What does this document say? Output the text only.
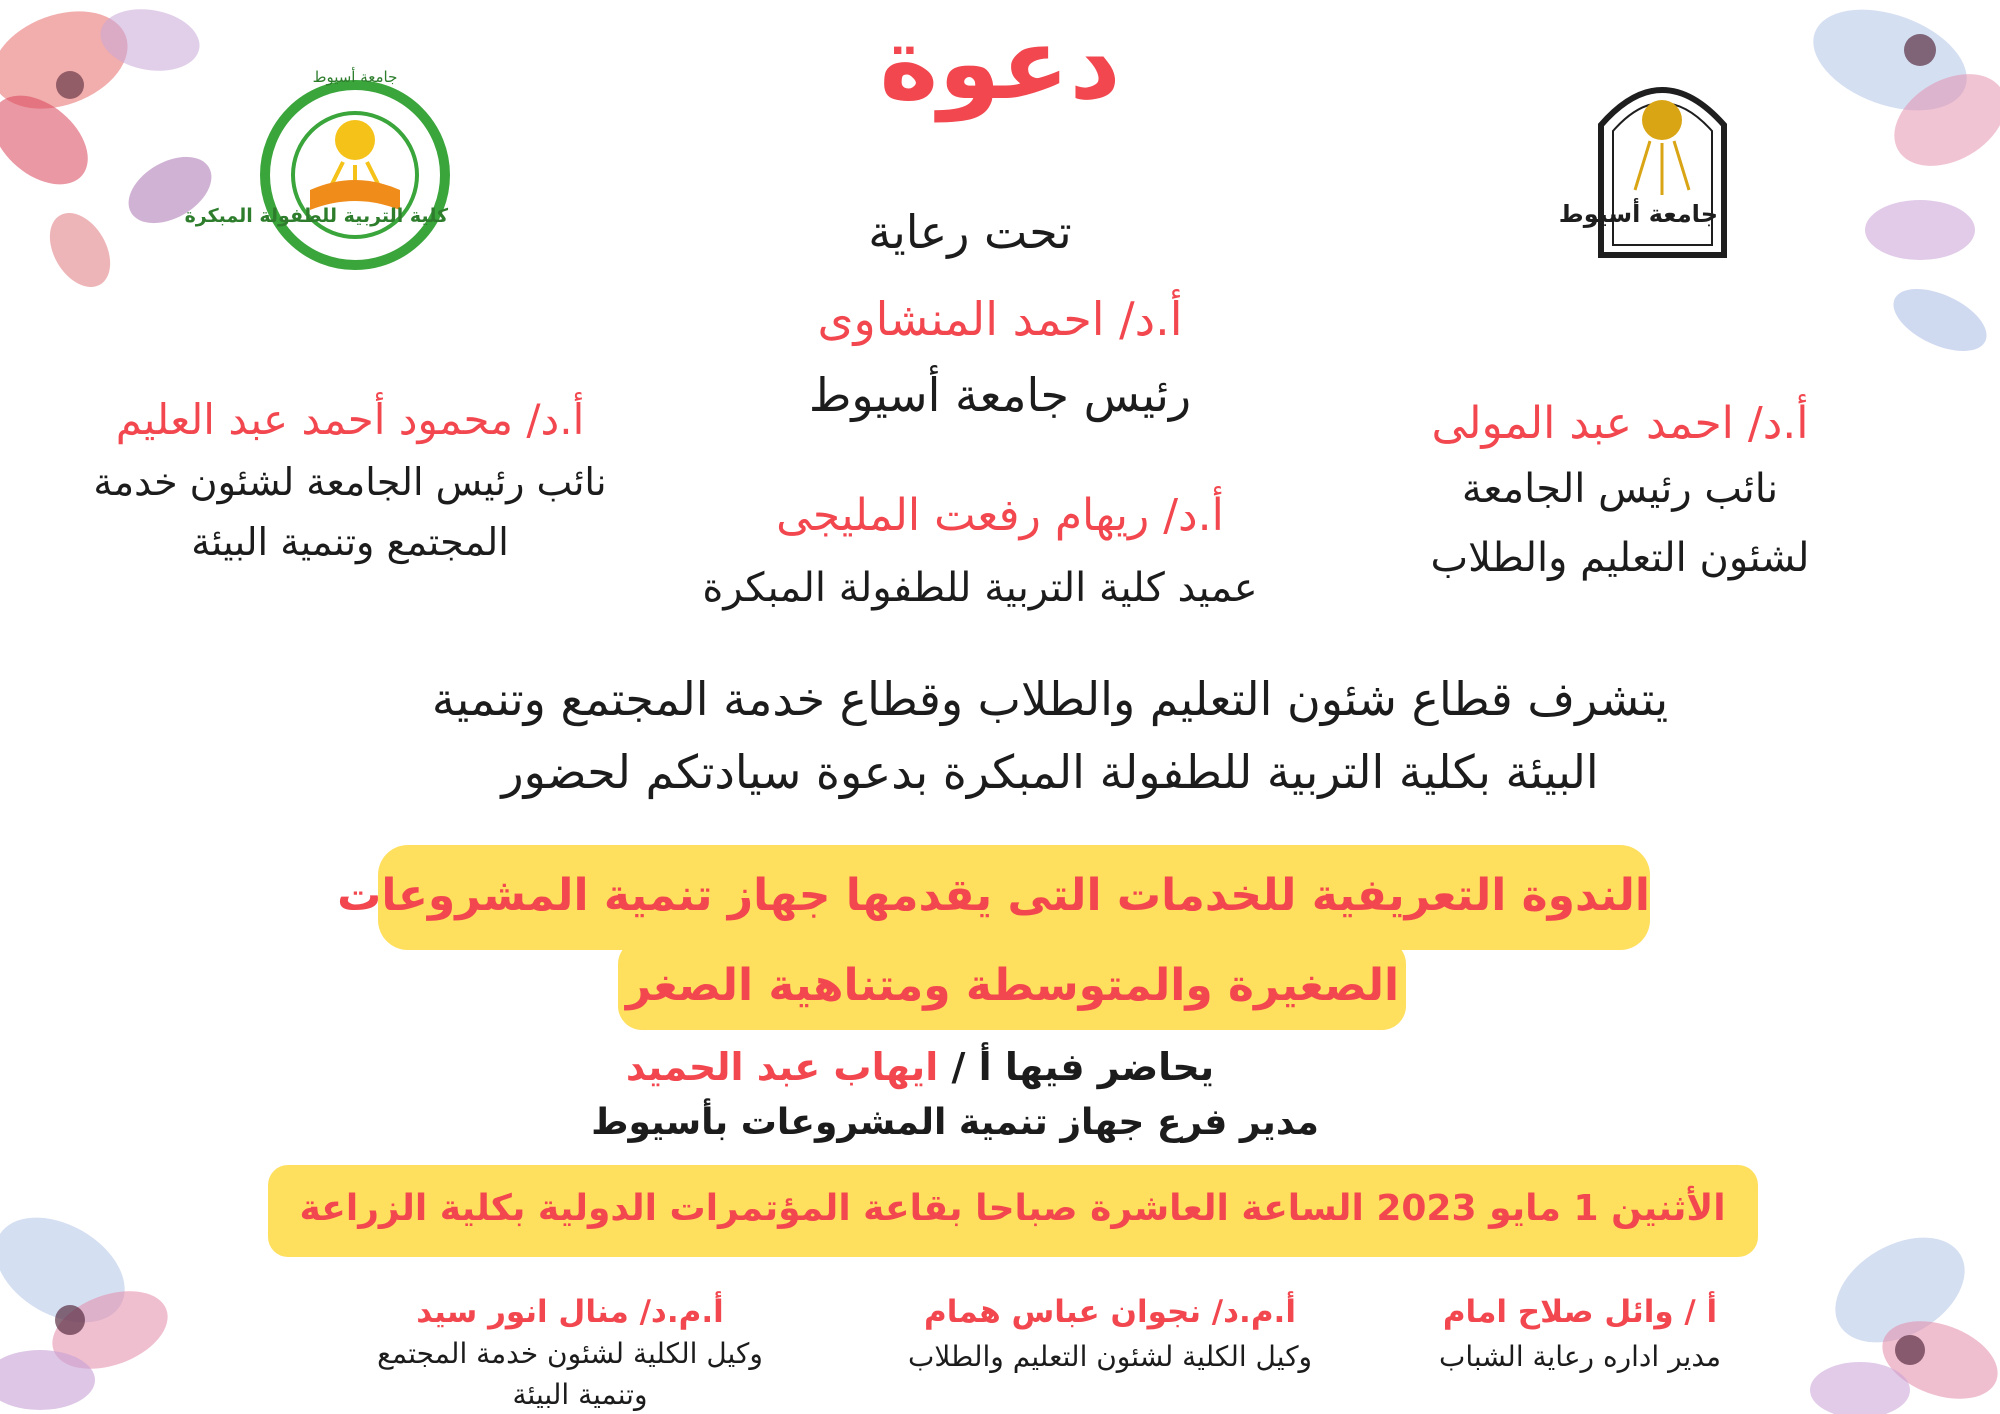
كلية التربية للطفولة المبكرة
جامعة أسيوط
جامعة أسيوط
دعوة
تحت رعاية
أ.د/ احمد المنشاوى
رئيس جامعة أسيوط
أ.د/ محمود أحمد عبد العليم
نائب رئيس الجامعة لشئون خدمة
المجتمع وتنمية البيئة
أ.د/ احمد عبد المولى
نائب رئيس الجامعة
لشئون التعليم والطلاب
أ.د/ ريهام رفعت المليجى
عميد كلية التربية للطفولة المبكرة
يتشرف قطاع شئون التعليم والطلاب وقطاع خدمة المجتمع وتنمية
البيئة بكلية التربية للطفولة المبكرة بدعوة سيادتكم لحضور
الندوة التعريفية للخدمات التى يقدمها جهاز تنمية المشروعات
الصغيرة والمتوسطة ومتناهية الصغر
يحاضر فيها أ / ايهاب عبد الحميد
مدير فرع جهاز تنمية المشروعات بأسيوط
الأثنين 1 مايو 2023 الساعة العاشرة صباحا بقاعة المؤتمرات الدولية بكلية الزراعة
أ / وائل صلاح امام
مدير اداره رعاية الشباب
أ.م.د/ نجوان عباس همام
وكيل الكلية لشئون التعليم والطلاب
أ.م.د/ منال انور سيد
وكيل الكلية لشئون خدمة المجتمع
وتنمية البيئة
